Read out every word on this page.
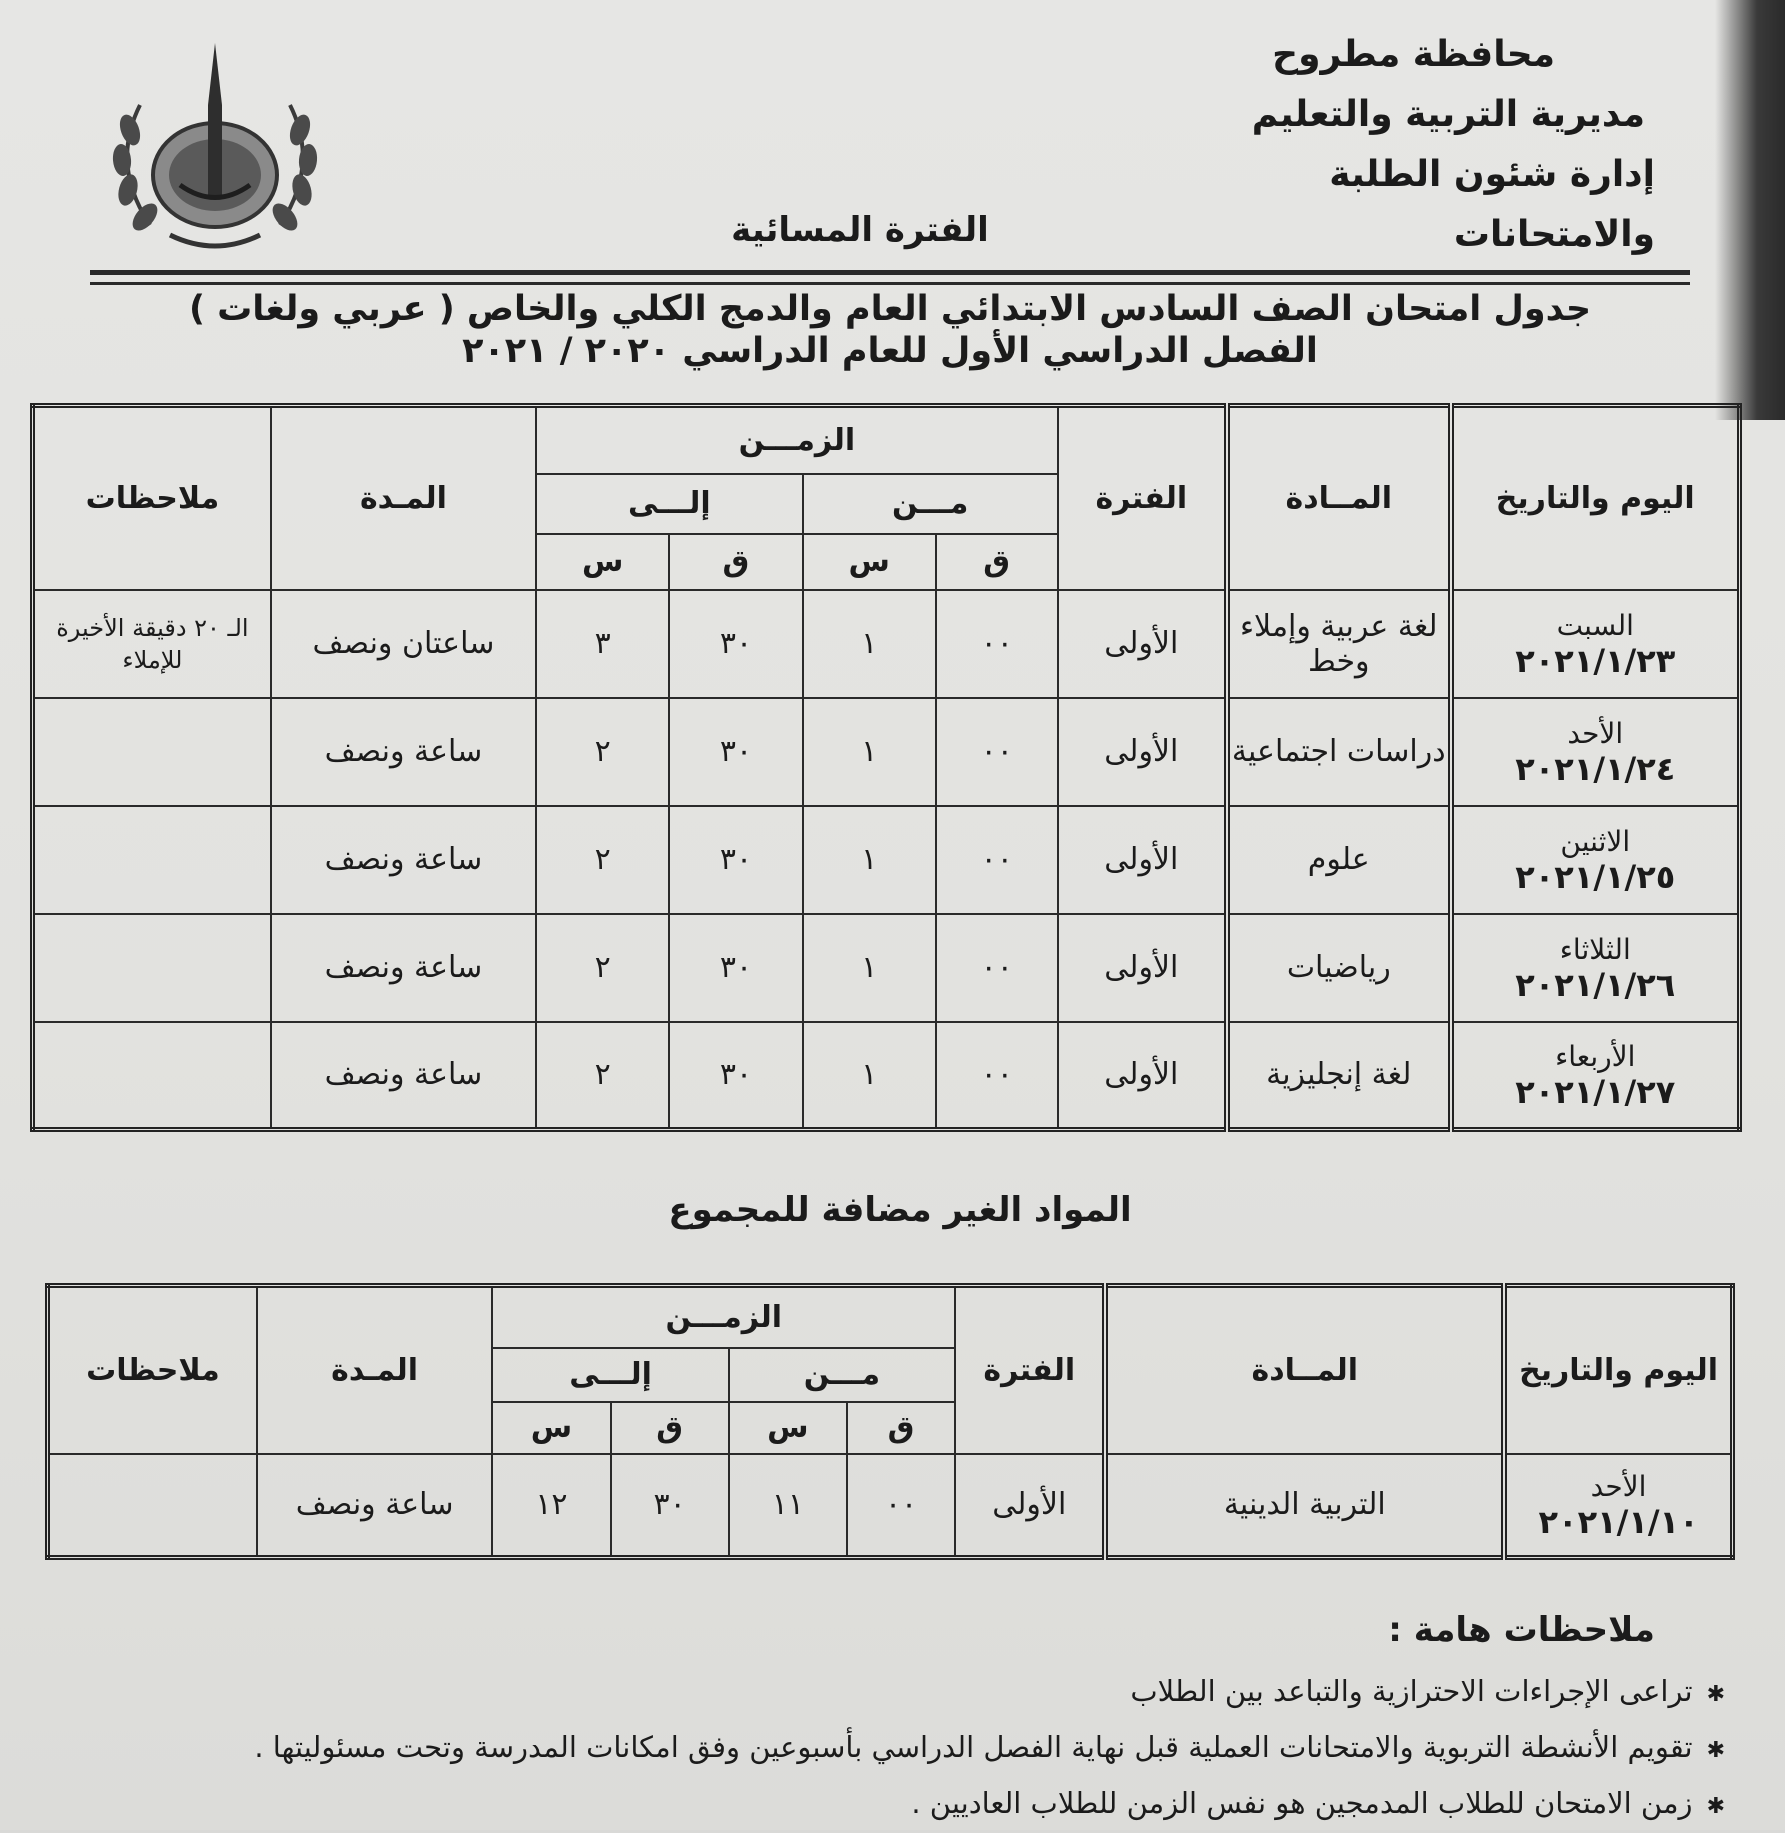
محافظة مطروح
مديرية التربية والتعليم
إدارة شئون الطلبة والامتحانات
الفترة المسائية
جدول امتحان الصف السادس الابتدائي العام والدمج الكلي والخاص ( عربي ولغات )
الفصل الدراسي الأول للعام الدراسي ٢٠٢٠ / ٢٠٢١
اليوم والتاريخ	المــادة	الفترة	الزمـــن				المـدة	ملاحظات
			مـــن		إلـــى			
			ق	س	ق	س		

السبت
٢٠٢١/١/٢٣	لغة عربية وإملاء وخط	الأولى	٠٠	١	٣٠	٣	ساعتان ونصف	الـ ٢٠ دقيقة الأخيرة للإملاء

الأحد
٢٠٢١/١/٢٤	دراسات اجتماعية	الأولى	٠٠	١	٣٠	٢	ساعة ونصف	

الاثنين
٢٠٢١/١/٢٥	علوم	الأولى	٠٠	١	٣٠	٢	ساعة ونصف	

الثلاثاء
٢٠٢١/١/٢٦	رياضيات	الأولى	٠٠	١	٣٠	٢	ساعة ونصف	

الأربعاء
٢٠٢١/١/٢٧	لغة إنجليزية	الأولى	٠٠	١	٣٠	٢	ساعة ونصف	
المواد الغير مضافة للمجموع
اليوم والتاريخ	المــادة	الفترة	الزمـــن				المـدة	ملاحظات
			مـــن		إلـــى			
			ق	س	ق	س		

الأحد
٢٠٢١/١/١٠	التربية الدينية	الأولى	٠٠	١١	٣٠	١٢	ساعة ونصف	
ملاحظات هامة :
✱تراعى الإجراءات الاحترازية والتباعد بين الطلاب
✱تقويم الأنشطة التربوية والامتحانات العملية قبل نهاية الفصل الدراسي بأسبوعين وفق امكانات المدرسة وتحت مسئوليتها .
✱زمن الامتحان للطلاب المدمجين هو نفس الزمن للطلاب العاديين .
